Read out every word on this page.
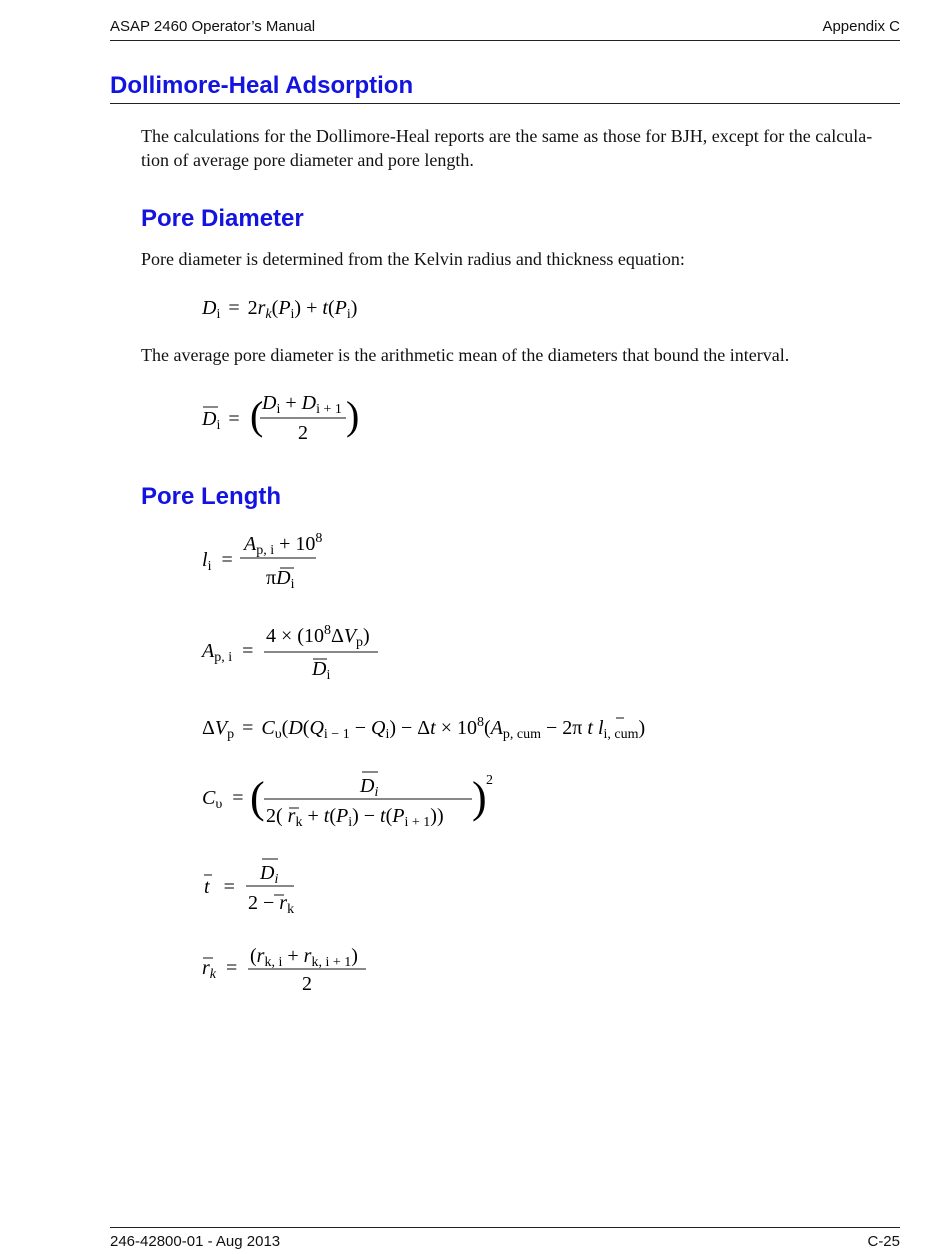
ASAP 2460 Operator’s Manual	Appendix C
Dollimore-Heal Adsorption

The calculations for the Dollimore-Heal reports are the same as those for BJH, except for the calcula-tion of average pore diameter and pore length.

Pore Diameter

Pore diameter is determined from the Kelvin radius and thickness equation:

$D_i = 2r_k(P_i) + t(P_i)$

The average pore diameter is the arithmetic mean of the diameters that bound the interval.

$D_i$ = (
$D_i + D_{i + 1}$
2 )
Pore Length
$l_i$ =
$A_{p, i} + 10^8$
$\pi D_i$
$A_{p, i}$ =
$4 \times (10^8\Delta V_p)$
$D_i$
$\Delta V_p = C_\upsilon(D(Q_{i - 1} - Q_i) - \Delta t \times 10^8(A_{p, cum} - 2\pi$ t $l_{i, cum}$)
$C_\upsilon$ = (	$D_i$
2( $r_k + t(P_i) - t(P_{i + 1})$) ) 2
t =
$D_i$
$2 - r_k$
$r_k$ =
$(r_{k, i} + r_{k, i + 1})$
2
246-42800-01 - Aug 2013	C-25
